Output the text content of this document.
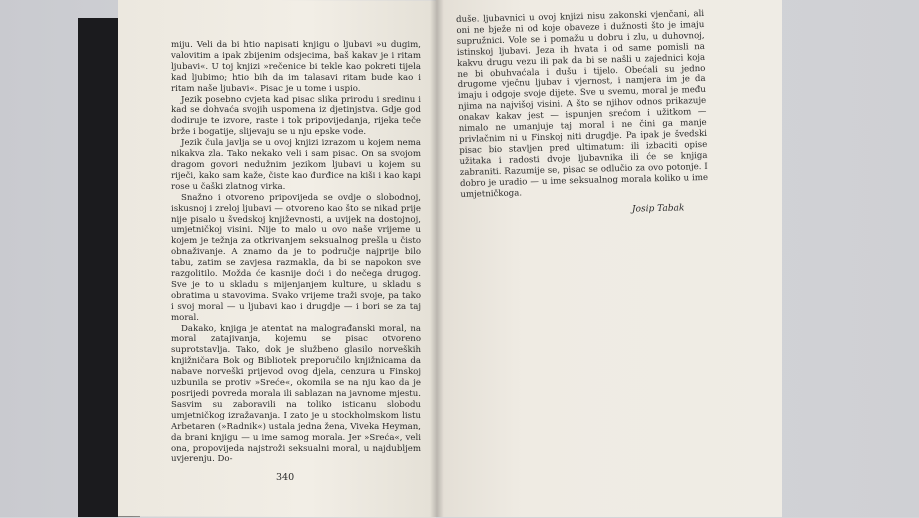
miju. Veli da bi htio napisati knjigu o ljubavi »u dugim, valovitim a ipak zbijenim odsjecima, baš kakav je i ritam ljubavi«. U toj knjizi »rečenice bi tekle kao pokreti tijela kad ljubimo; htio bih da im talasavi ritam bude kao i ritam naše ljubavi«. Pisac je u tome i uspio.

Jezik posebno cvjeta kad pisac slika prirodu i sredinu i kad se dohvaća svojih uspomena iz djetinjstva. Gdje god dodiruje te izvore, raste i tok pripovijedanja, rijeka teče brže i bogatije, slijevaju se u nju epske vode.

Jezik čula javlja se u ovoj knjizi izrazom u kojem nema nikakva zla. Tako nekako veli i sam pisac. On sa svojom dragom govori nedužnim jezikom ljubavi u kojem su riječi, kako sam kaže, čiste kao đurđice na kiši i kao kapi rose u čaški zlatnog virka.

Snažno i otvoreno pripovijeda se ovdje o slobodnoj, iskusnoj i zreloj ljubavi — otvoreno kao što se nikad prije nije pisalo u švedskoj književnosti, a uvijek na dostojnoj, umjetničkoj visini. Nije to malo u ovo naše vrijeme u kojem je težnja za otkrivanjem seksualnog prešla u čisto obnaživanje. A znamo da je to područje najprije bilo tabu, zatim se zavjesa razmakla, da bi se napokon sve razgolitilo. Možda će kasnije doći i do nečega drugog. Sve je to u skladu s mijenjanjem kulture, u skladu s obratima u stavovima. Svako vrijeme traži svoje, pa tako i svoj moral — u ljubavi kao i drugdje — i bori se za taj moral.

Dakako, knjiga je atentat na malograđanski moral, na moral zatajivanja, kojemu se pisac otvoreno suprotstavlja. Tako, dok je službeno glasilo norveških knjižničara Bok og Bibliotek preporučilo knjižnicama da nabave norveški prijevod ovog djela, cenzura u Finskoj uzbunila se protiv »Sreće«, okomila se na nju kao da je posrijedi povreda morala ili sablazan na javnome mjestu. Sasvim su zaboravili na toliko isticanu slobodu umjetničkog izražavanja. I zato je u stockholmskom listu Arbetaren (»Radnik«) ustala jedna žena, Viveka Heyman, da brani knjigu — u ime samog morala. Jer »Sreća«, veli ona, propovijeda najstroži seksualni moral, u najdubljem uvjerenju. Do-

340

duše. ljubavnici u ovoj knjizi nisu zakonski vjenčani, ali oni ne bježe ni od koje obaveze i dužnosti što je imaju supružnici. Vole se i pomažu u dobru i zlu, u duhovnoj, istinskoj ljubavi. Jeza ih hvata i od same pomisli na kakvu drugu vezu ili pak da bi se našli u zajednici koja ne bi obuhvaćala i dušu i tijelo. Obećali su jedno drugome vječnu ljubav i vjernost, i namjera im je da imaju i odgoje svoje dijete. Sve u svemu, moral je među njima na najvišoj visini. A što se njihov odnos prikazuje onakav kakav jest — ispunjen srećom i užitkom — nimalo ne umanjuje taj moral i ne čini ga manje privlačnim ni u Finskoj niti drugdje. Pa ipak je švedski pisac bio stavljen pred ultimatum: ili izbaciti opise užitaka i radosti dvoje ljubavnika ili će se knjiga zabraniti. Razumije se, pisac se odlučio za ovo potonje. I dobro je uradio — u ime seksualnog morala koliko u ime umjetničkoga.

Josip Tabak
